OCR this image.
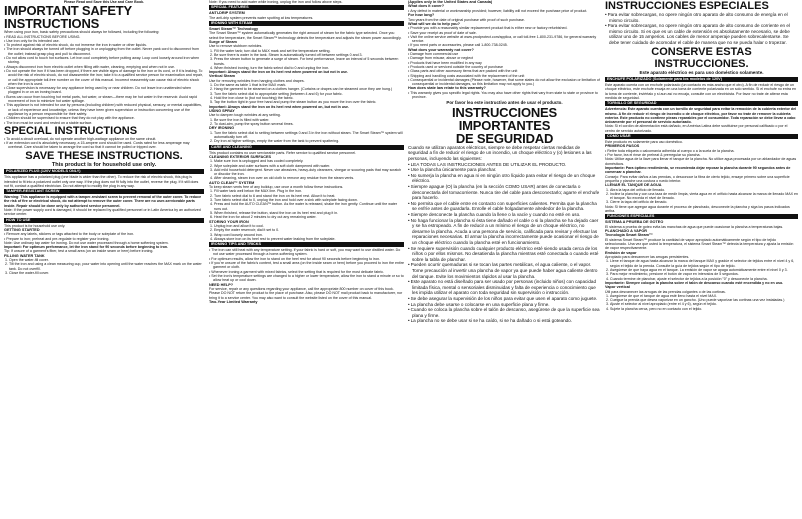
Please Read and Save this Use and Care Book.
IMPORTANT SAFETY INSTRUCTIONS
When using your iron, basic safety precautions should always be followed, including the following:
• READ ALL INSTRUCTIONS BEFORE USING.
• Use iron only for its intended use.
• To protect against risk of electric shock, do not immerse the iron in water or other liquids.
• The iron should always be turned off before plugging in or unplugging from the outlet. Never yank cord to disconnect from the outlet; instead grasp plug and pull to disconnect.
• Do not allow cord to touch hot surfaces. Let iron cool completely before putting away. Loop cord loosely around iron when storing.
• Always disconnect iron from electric outlet when filling with water, cleaning, emptying and when not in use.
• Do not operate the iron if it has been dropped, if there are visible signs of damage to the iron or its cord, or if it is leaking. To avoid the risk of electric shock, do not disassemble the iron; take it to a qualified service person for examination and repair, or call the appropriate toll-free number on the cover of this manual. Incorrect reassembly can cause risk of electric shock when the iron is used.
• Close supervision is necessary for any appliance being used by or near children. Do not leave iron unattended when plugged in or on an ironing board.
• Burns can occur from touching hot metal parts, hot water, or steam—there may be hot water in the reservoir. Avoid rapid movement of iron to minimize hot water spillage.
• This appliance is not intended for use by persons (including children) with reduced physical, sensory, or mental capabilities, or lack of experience and knowledge, unless they have been given supervision or instruction concerning use of the appliance by a person responsible for their safety.
• Children should be supervised to ensure that they do not play with the appliance.
• The iron must be used and rested on a stable surface.
SPECIAL INSTRUCTIONS
• To avoid a circuit overload, do not operate another high-wattage appliance on the same circuit.
• If an extension cord is absolutely necessary, a 15-ampere cord should be used. Cords rated for less amperage may overheat. Care should be taken to arrange the cord so that it cannot be pulled or tripped over.
SAVE THESE INSTRUCTIONS.
This product is for household use only.
POLARIZED PLUG (120V MODELS ONLY)
This appliance has a polarized plug (one blade is wider than the other). To reduce the risk of electric shock, this plug is intended to fit into a polarized outlet only one way. If the plug does not fit fully into the outlet, reverse the plug. If it still does not fit, contact a qualified electrician. Do not attempt to modify the plug in any way.
TAMPER-RESISTANT SCREW
Warning: This appliance is equipped with a tamper-resistant screw to prevent removal of the outer cover. To reduce the risk of fire or electrical shock, do not attempt to remove the outer cover. There are no user-serviceable parts inside. Repair should be done only by authorized service personnel.
Note: If the power supply cord is damaged, it should be replaced by qualified personnel or in Latin America by an authorized service center.
HOW TO USE
This product is for household use only.
GETTING STARTED
• Remove any labels, stickers or tags attached to the body or soleplate of the iron.
• Prepare to iron; preheat and pre-regulate to register your ironing.
Note: Use ordinary tap water for ironing. Do not use water processed through a home softening system.
Important: For optimum performance, let the iron stand for 90 seconds before beginning to iron.
Tip: If unsure of a garment's fiber, test a small area (on an inside seam or hem) before ironing.
FILLING WATER TANK
1. Open the water-fill cover.
2. Tilt the iron and using a clean measuring cup, pour water into opening until the water reaches the MAX mark on the water tank. Do not overfill.
3. Close the water-fill cover.
Note: If you need to add water while ironing, unplug the iron and follow above steps.
SPECIAL FEATURES
ANTI-DRIP SYSTEM
The anti-drip system prevents water spotting at low temperatures.
IRONING WITH STEAM
Smart Steam™ Technology
The Smart Steam™ system automatically generates the right amount of steam for the fabric type selected. Once you select the temperature, the Smart Steam™ technology detects the temperature and adjusts the steam power accordingly.
Surge of Steam
Use to remove stubborn wrinkles.
1. Fill the water tank; turn dial to MAX mark and set the temperature setting.
2. Be sure there is water in the tank. Steam is automatically turned off between settings 0 and 3.
3. Press the steam button to generate a surge of steam. For best performance, leave an interval of 5 seconds between bursts.
4. When finished ironing, turn the fabric select dial to 0 and unplug the iron.
Important: Always stand the iron on its heel rest when powered on but not in use.
Vertical Steam
Use for removing wrinkles from hanging clothes and drapes.
1. Do the same as table 1 that is the MAX mark.
2. Hang the garment to be steamed on a clothes hanger. (Curtains or drapes can be steamed once they are hung.)
3. Turn the fabric select dial to appropriate setting (between 4 and 6) for your fabric.
4. Hold the iron close to (but not touching) the fabric.
5. Tap the button tight in your free hand and pump the steam button as you move the iron over the fabric.
Important: Always stand the iron on its heel rest when powered on, but not in use.
USING SPRAY
Use to dampen tough wrinkles at any setting.
1. Be sure the iron is filled with water.
2. To dust-aim, pump the spray button several times.
DRY IRONING
1. Turn the fabric select dial to setting between settings 0 and 3 in the iron without steam. The Smart Steam™ system will automatically turn off.
2. Dry iron at higher settings, empty the water from the tank to prevent spattering.
CARE AND CLEANING
This product contains no user serviceable parts. Refer service to qualified service personnel.
CLEANING EXTERIOR SURFACES
1. Make sure iron is unplugged and has cooled completely.
2. Wipe soleplate and outer surfaces with a soft cloth dampened with water.
3. Add mild household detergent. Never use abrasives, heavy-duty cleansers, vinegar or scouring pads that may scratch or discolor the iron.
4. After cleaning, steam iron over an old cloth to remove any residue from the steam vents.
AUTO CLEAN™ SYSTEM
To keep steam vents free of any buildup, use once a month follow these instructions.
1. Fill water tank well below the MAX line. Plug in the iron.
2. Turn fabric select dial to 6 and stand the iron on its heel rest. Allow it to heat.
3. Turn fabric select dial to 0, unplug the iron and hold over a sink with soleplate facing down.
4. Press and hold the AUTO CLEAN™ button. As the water is released, shake the iron gently. Continue until the water runs out.
5. When finished, release the button, stand the iron on its heel rest and plug it in.
6. Heat the iron for about 2 minutes to dry out any remaining water.
STORING YOUR IRON
1. Unplug iron and allow it to cool.
2. Empty the water reservoir; dial it set to 0.
3. Wrap cord loosely around iron.
4. Always store iron on its heel rest to prevent water leaking from the soleplate.
IRONING TIPS AND TRICKS
• The iron can still heat with any temperature setting. If your fabric is hard or soft, you may want to use distilled water. Do not use water processed through a home-softening system.
• For optimum results, allow the iron to stand on the heel rest for about 90 seconds before beginning to iron.
• If you're unsure of the fabric's content, test a small area (on the inside seam or hem) before you proceed to iron the entire garment or cloth.
• Whenever ironing a garment with mixed fabrics, select the setting that is required for the most delicate fabric.
• Set the iron's temperature settings are changed to a higher or lower temperature, allow the iron to stand a minute or so to allow heat up or cool down.
NEED HELP?
For service, repair or any questions regarding your appliance, call the appropriate 800 number on cover of this book. Please DO NOT return the product to the place of purchase. Also, please DO NOT mail product back to manufacturer, nor bring it to a service center. You may also want to consult the website listed on the cover of this manual.
Two-Year Limited Warranty
(Applies only in the United States and Canada)
What does it cover?
• Any defect in material or workmanship provided; however, liability will not exceed the purchase price of product.
For how long?
Two years from the date of original purchase with proof of such purchase.
What will we do to help you?
• Provide you with a reasonably similar replacement product that is either new or factory refurbished.
• Save your receipt as proof of date of sale.
• Visit the online service website at www.prodprotect.com/applica, or call toll-free 1-800-231-9786, for general warranty service.
• If you need parts or accessories, please call 1-800-738-0245.
What does your warranty not cover?
• Damage from commercial use
• Damage from misuse, abuse or neglect
• Products that have been modified in any way
• Products used or serviced outside the country of purchase
• Glass parts and other accessory items that are packed with the unit
• Shipping and handling costs associated with the replacement of the unit
• Consequential or incidental damages (Please note, however, that some states do not allow the exclusion or limitation of consequential or incidental damages, so this limitation may not apply to you.)
How does state law relate to this warranty?
• This warranty gives you specific legal rights. You may also have other rights that vary from state to state or province to province.
Por favor lea este instructivo antes de usar el producto.
INSTRUCCIONES IMPORTANTES
DE SEGURIDAD
Cuando se utilizan aparatos eléctricos, siempre se debe respetar ciertas medidas de seguridad a fin de reducir el riesgo de un incendio, un choque eléctrico y (o) lesiones a las personas, incluyendo las siguientes:
• LEA TODAS LAS INSTRUCCIONES ANTES DE UTILIZAR EL PRODUCTO.
• Use la plancha únicamente para planchar.
• No sumerja la plancha en agua ni en ningún otro líquido para evitar el riesgo de un choque eléctrico.
• Siempre apague (O) la plancha (en la sección COMO USAR) antes de conectarla o desconectarla del tomacorriente. Nunca tire del cable para desconectarlo; agarre el enchufe para hacerlo.
• No permita que el cable entre en contacto con superficies calientes. Permita que la plancha se enfríe antes de guardarla. Enrolle el cable holgadamente alrededor de la plancha.
• Siempre desconecte la plancha cuando la llene o la vacíe y cuando no esté en uso.
• No haga funcionar la plancha si ésta tiene dañado el cable o si la plancha se ha dejado caer y se ha estropeado. A fin de reducir a un mínimo el riesgo de un choque eléctrico, no desarme la plancha. Acuda a una persona de servicio, calificada para revisar y efectuar las reparaciones necesarias. El armar la plancha incorrectamente puede ocasionar el riesgo de un choque eléctrico cuando la plancha esté en funcionamiento.
• Se requiere supervisión cuando cualquier producto eléctrico esté siendo usada cerca de los niños o por ellos mismos. No desatienda la plancha mientras esté conectada o cuando esté sobre la tabla de planchar.
• Pueden ocurrir quemaduras si se tocan las partes metálicas, el agua caliente, o el vapor. Tome precaución al invertir una plancha de vapor ya que puede haber agua caliente dentro del tanque. Evite los movimientos rápidos al usar la plancha.
• Este aparato no está diseñado para ser usado por personas (incluido niños) con capacidad limitada física, mental o sensoriales disminuidas y falta de experiencia o conocimiento que les impida utilizar el aparato con toda seguridad sin supervisión o instrucción.
• Se debe asegurar la supervisión de los niños para evitar que usen el aparato como juguete.
• La plancha debe usarse o colocarse en una superficie plana y firme.
• Cuando se coloca la plancha sobre el talón de descanso, asegúrese de que la superficie sea plana y firme.
• La plancha no se debe usar si se ha caído, si se ha dañado o si está goteando.
INSTRUCCIONES ESPECIALES
• Para evitar sobrecargas, no opere ningún otro aparato de alto consumo de energía en el mismo circuito.
• Para evitar sobrecargas, no opere ningún otro aparato de alto consumo de corriente en el mismo circuito. Si es que es un cable de extensión es absolutamente necesario, se debe utilizar uno de 15 amperios. Los cables de menor amperaje pueden sobrecalentarse. Se debe tener cuidado de acomodar el cable de manera que no se pueda halar o tropezar.
CONSERVE ESTAS INSTRUCCIONES.
Este aparato eléctrico es para uso doméstico solamente.
ENCHUFE POLARIZADO (Solamente para los modelos de 120V)
Este aparato cuenta con un enchufe polarizado (un contacto es más ancho que el otro). A fin de reducir el riesgo de un choque eléctrico, este enchufe encaja en una toma de corriente polarizada en un solo sentido. Si el enchufe no entra en la toma de corriente, inviértalo y si aun así no encaja, consulte con un electricista. Por favor no trate de alterar esta medida de seguridad.
TORNILLO DE SEGURIDAD
Advertencia: Este aparato cuenta con un tornillo de seguridad para evitar la remoción de la cubierta exterior del mismo. A fin de reducir el riesgo de incendio o de choque eléctrico, por favor no trate de remover la cubierta exterior. Este producto no contiene piezas reparables por el consumidor. Toda reparación se debe llevar a cabo únicamente por el personal de servicio autorizado.
Nota: Si el cordón de alimentación está dañado, en América Latina debe sustituirse por personal calificado o por el centro de servicio autorizado.
COMO USAR
Este producto es solamente para uso doméstico.
PRIMEROS PASOS
• Retire toda etiqueta o calcomanía adherida al cuerpo o a la suela de la plancha.
• Por favor, lea el rinse de preheat & prerregular su plancha.
Nota: Utilice agua de la llave para llenar el tanque de la plancha. No utilice agua procesada por un ablandador de aguas domésticos.
Importante: Para óptimo rendimiento, se recomienda dejar reposar la plancha durante 90 segundos antes de comenzar a planchar.
Consejo: Para evitar daños a las prendas, o desconoce la fibra de cierto tejido, ensaye primero sobre una superficie pequeña y planche una costura o ruedo interior.
LLENAR EL TANQUE DE AGUA
1. Abra la tapa del orificio de llenado.
2. Incline la plancha y con una taza de medir limpia, vierta agua en el orificio hasta alcanzar la marca de llenado MAX en el tanque. No exceda el nivel de llenado.
3. Cierre la tapa del orificio de llenado.
Nota: Si tiene que agregar agua durante el proceso de planchado, desconecte la plancha y siga los pasos indicados arriba.
FUNCIONES ESPECIALES
SISTEMA A PRUEBA DE GOTEO
El sistema a prueba de goteo evita las manchas de agua que puede ocasionar la plancha a temperaturas bajas.
PLANCHADO A VAPOR
Tecnología Smart Steam™
El sistema Smart Steam™ produce la cantidad de vapor apropiado automáticamente según el tipo de tejido seleccionado. Una vez que usted la temperatura, el sistema Smart Steam™ detecta la temperatura y ajusta la emisión de vapor respectivamente.
Emisión de vapor
Apropiado para desvanecer las arrugas persistentes.
1. Llene el tanque de agua hasta alcanzar la marca del tanque MAX y gradúe el selector de tejidos entre el nivel 4 y 6, según el tejido de la prenda. Consulte la guía de tejidos según el tipo de tejido.
2. Asegúrese de que haya agua en el tanque. La emisión de vapor se apaga automáticamente entre el nivel 0 y 3.
3. Para mejor rendimiento, presione el botón de vapor en intervalos de 5 segundos.
4. Cuando termine de planchar, ajuste el selector de tejidos a la posición "0" y desconecte la plancha.
Importante: Siempre coloque la plancha sobre el talón de descanso cuando esté encendida y no en uso.
Vapor vertical
Útil para desvanecer las arrugas de las prendas colgantes o de las cortinas.
1. Asegúrese de que el tanque de agua esté lleno hasta el nivel MAX.
2. Cuelgue la prenda que desea vaporizar en un gancho. (Uno puede vaporizar las cortinas una vez instaladas.)
3. Ajuste el selector al nivel apropiado (entre el 4 y 6), según el tejido.
4. Sujete la plancha cerca, pero no en contacto con el tejido.
